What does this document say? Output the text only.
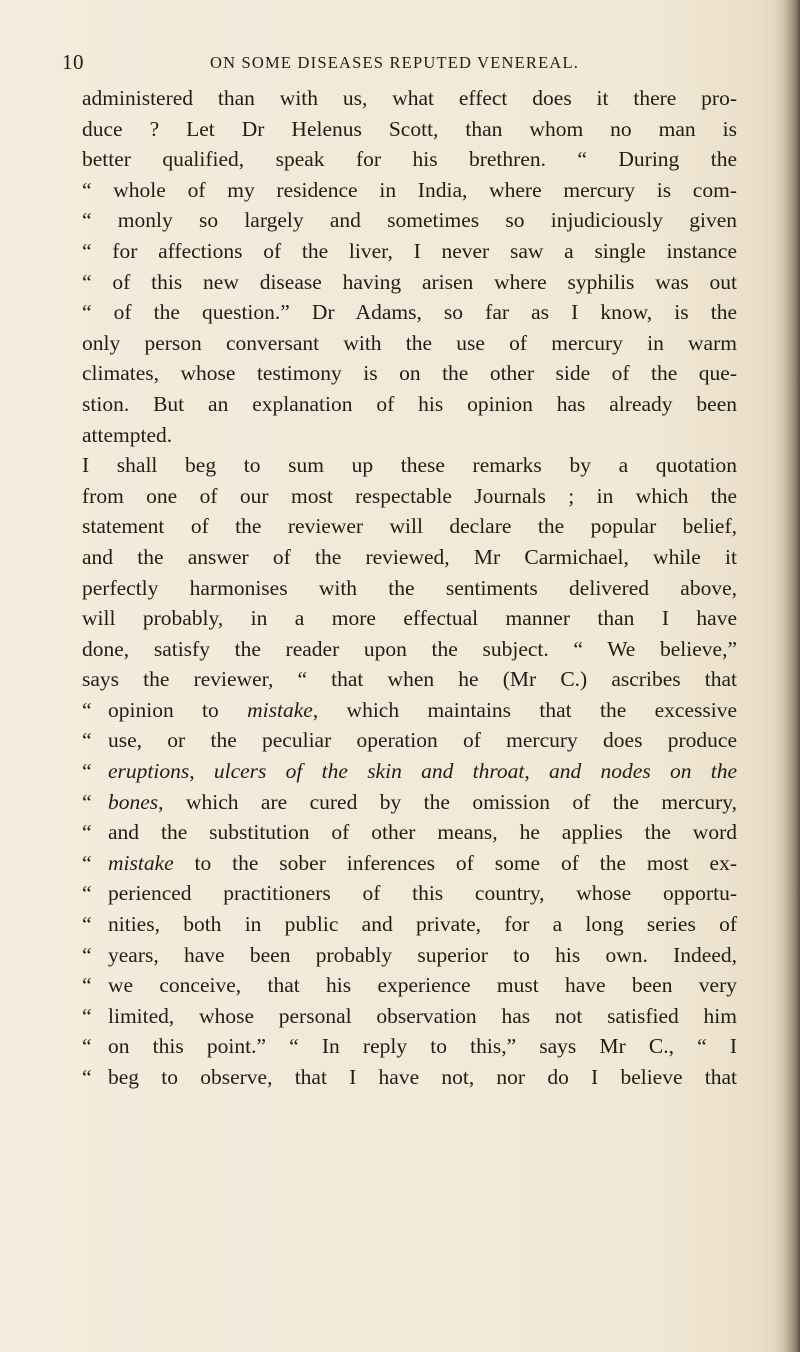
10	ON SOME DISEASES REPUTED VENEREAL.
administered than with us, what effect does it there pro-
duce ? Let Dr Helenus Scott, than whom no man is
better qualified, speak for his brethren. “ During the
“ whole of my residence in India, where mercury is com-
“ monly so largely and sometimes so injudiciously given
“ for affections of the liver, I never saw a single instance
“ of this new disease having arisen where syphilis was out
“ of the question.” Dr Adams, so far as I know, is the
only person conversant with the use of mercury in warm
climates, whose testimony is on the other side of the que-
stion. But an explanation of his opinion has already been
attempted.
I shall beg to sum up these remarks by a quotation
from one of our most respectable Journals ; in which the
statement of the reviewer will declare the popular belief,
and the answer of the reviewed, Mr Carmichael, while it
perfectly harmonises with the sentiments delivered above,
will probably, in a more effectual manner than I have
done, satisfy the reader upon the subject. “ We believe,”
says the reviewer, “ that when he (Mr C.) ascribes that
“ opinion to mistake, which maintains that the excessive
“ use, or the peculiar operation of mercury does produce
“ eruptions, ulcers of the skin and throat, and nodes on the
“ bones, which are cured by the omission of the mercury,
“ and the substitution of other means, he applies the word
“ mistake to the sober inferences of some of the most ex-
“ perienced practitioners of this country, whose opportu-
“ nities, both in public and private, for a long series of
“ years, have been probably superior to his own. Indeed,
“ we conceive, that his experience must have been very
“ limited, whose personal observation has not satisfied him
“ on this point.” “ In reply to this,” says Mr C., “ I
“ beg to observe, that I have not, nor do I believe that
